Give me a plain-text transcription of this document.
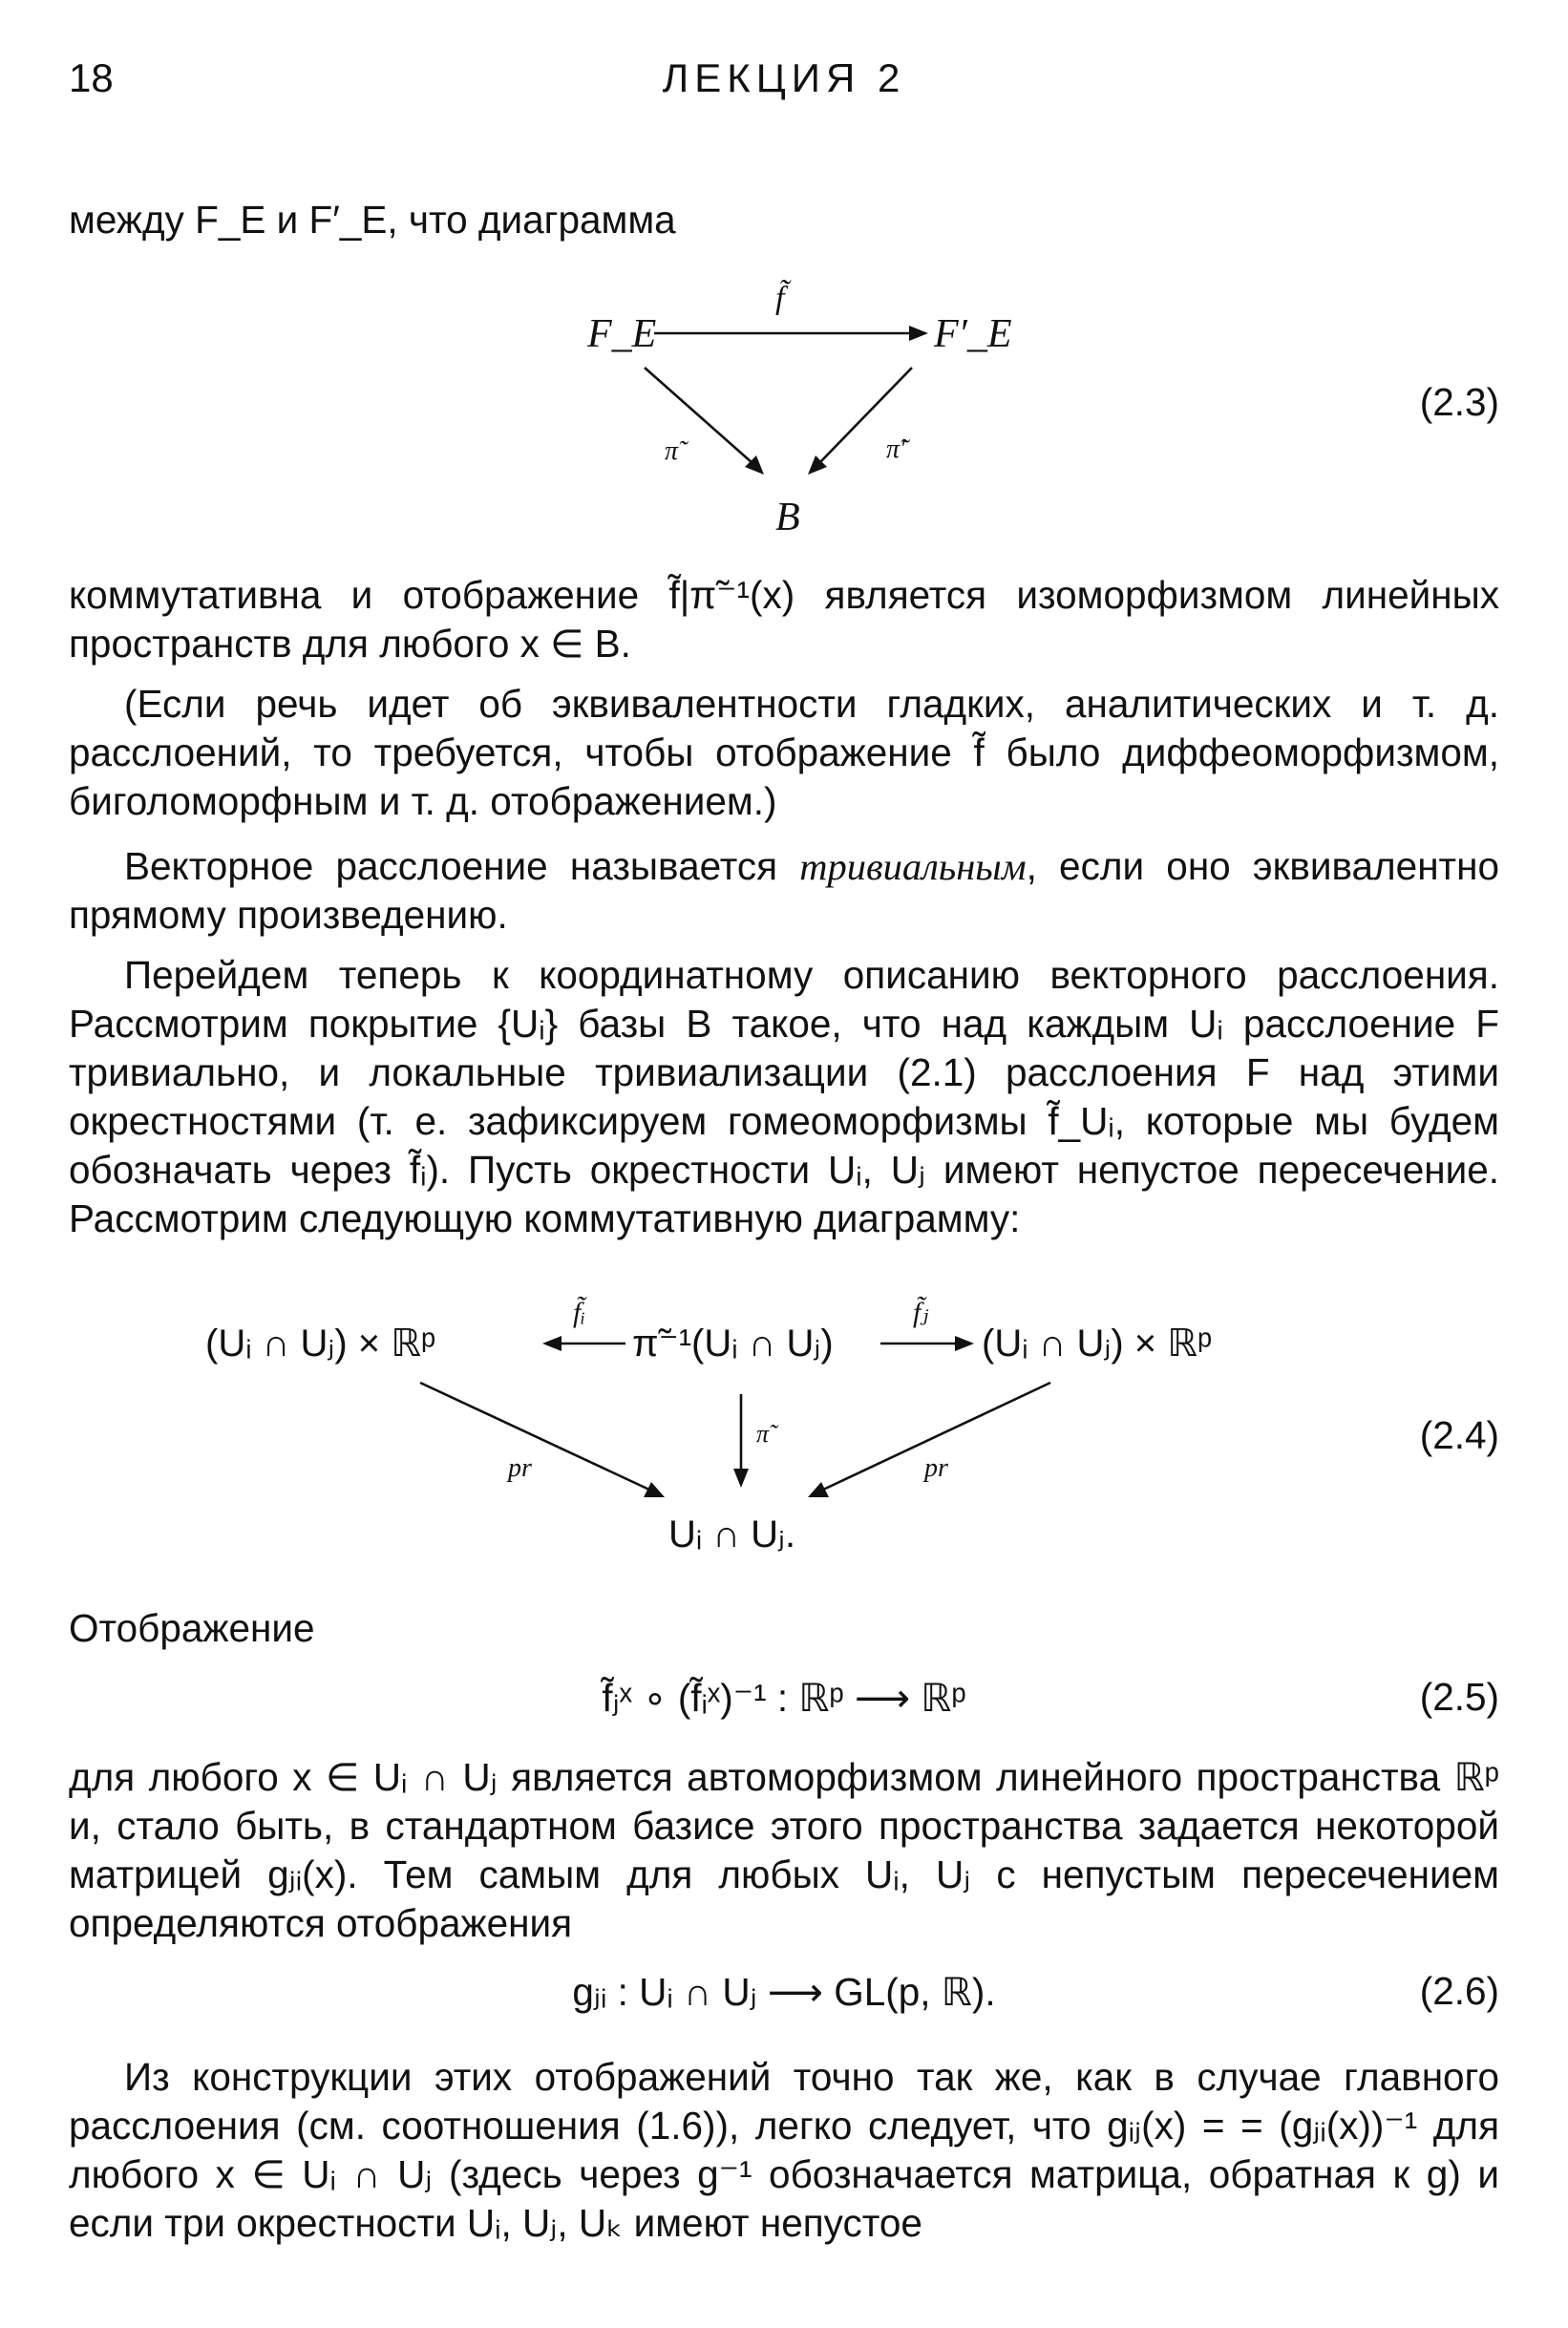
18	ЛЕКЦИЯ 2
между F_E и F′_E, что диаграмма
F_E
f̃
F′_E
π̃	π̃′
B
(2.3)
коммутативна и отображение f̃|π̃⁻¹(x) является изоморфизмом линейных пространств для любого x ∈ B.
(Если речь идет об эквивалентности гладких, аналитических и т. д. расслоений, то требуется, чтобы отображение f̃ было диффеоморфизмом, биголоморфным и т. д. отображением.)
Векторное расслоение называется тривиальным, если оно эквивалентно прямому произведению.
Перейдем теперь к координатному описанию векторного расслоения. Рассмотрим покрытие {Uᵢ} базы B такое, что над каждым Uᵢ расслоение F тривиально, и локальные тривиализации (2.1) расслоения F над этими окрестностями (т. е. зафиксируем гомеоморфизмы f̃_Uᵢ, которые мы будем обозначать через f̃ᵢ). Пусть окрестности Uᵢ, Uⱼ имеют непустое пересечение. Рассмотрим следующую коммутативную диаграмму:
(Uᵢ ∩ Uⱼ) × ℝᵖ
f̃ᵢ
π̃⁻¹(Uᵢ ∩ Uⱼ)
f̃ⱼ
(Uᵢ ∩ Uⱼ) × ℝᵖ
pr
π̃
pr
Uᵢ ∩ Uⱼ.
(2.4)
Отображение
f̃ⱼˣ ∘ (f̃ᵢˣ)⁻¹ : ℝᵖ ⟶ ℝᵖ	(2.5)
для любого x ∈ Uᵢ ∩ Uⱼ является автоморфизмом линейного пространства ℝᵖ и, стало быть, в стандартном базисе этого пространства задается некоторой матрицей gⱼᵢ(x). Тем самым для любых Uᵢ, Uⱼ с непустым пересечением определяются отображения
gⱼᵢ : Uᵢ ∩ Uⱼ ⟶ GL(p, ℝ).	(2.6)
Из конструкции этих отображений точно так же, как в случае главного расслоения (см. соотношения (1.6)), легко следует, что gᵢⱼ(x) = = (gⱼᵢ(x))⁻¹ для любого x ∈ Uᵢ ∩ Uⱼ (здесь через g⁻¹ обозначается матрица, обратная к g) и если три окрестности Uᵢ, Uⱼ, Uₖ имеют непустое
